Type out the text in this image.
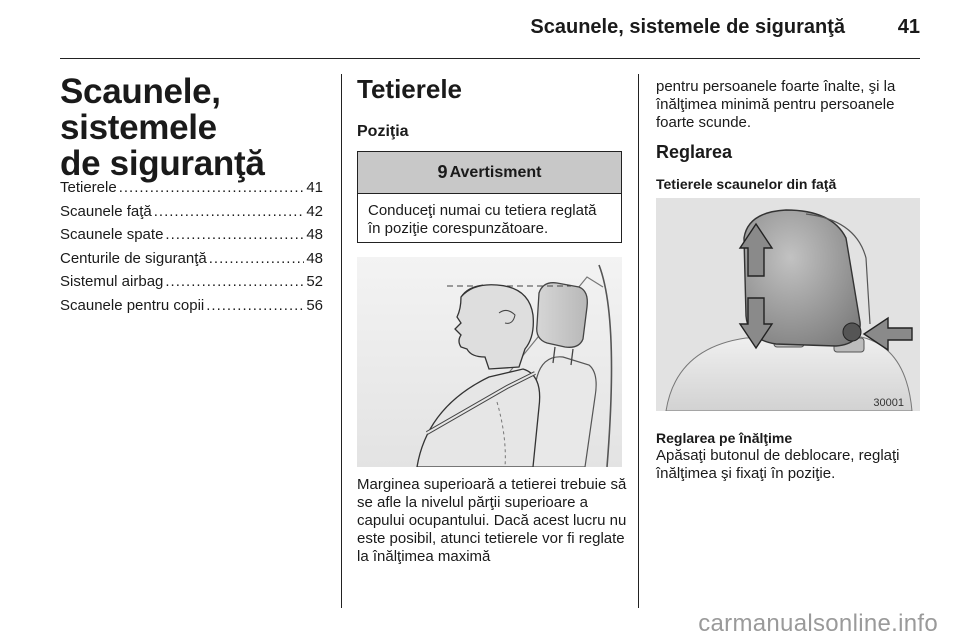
Scaunele, sistemele de siguranţă	41
Scaunele, sistemele
de siguranţă
Tetierele .....	41
Scaunele faţă .....	42
Scaunele spate .....	48
Centurile de siguranţă .....	48
Sistemul airbag .....	52
Scaunele pentru copii .....	56
Tetierele
Poziţia
9 Avertisment
Conduceţi numai cu tetiera reglată în poziţie corespunzătoare.
Marginea superioară a tetierei trebuie să se afle la nivelul părţii superioare a capului ocupantului. Dacă acest lucru nu este posibil, atunci tetierele vor fi reglate la înălţimea maximă
pentru persoanele foarte înalte, şi la înălţimea minimă pentru persoanele foarte scunde.
Reglarea
Tetierele scaunelor din faţă
30001
Reglarea pe înălţime
Apăsaţi butonul de deblocare, reglaţi înălţimea şi fixaţi în poziţie.
carmanualsonline.info
